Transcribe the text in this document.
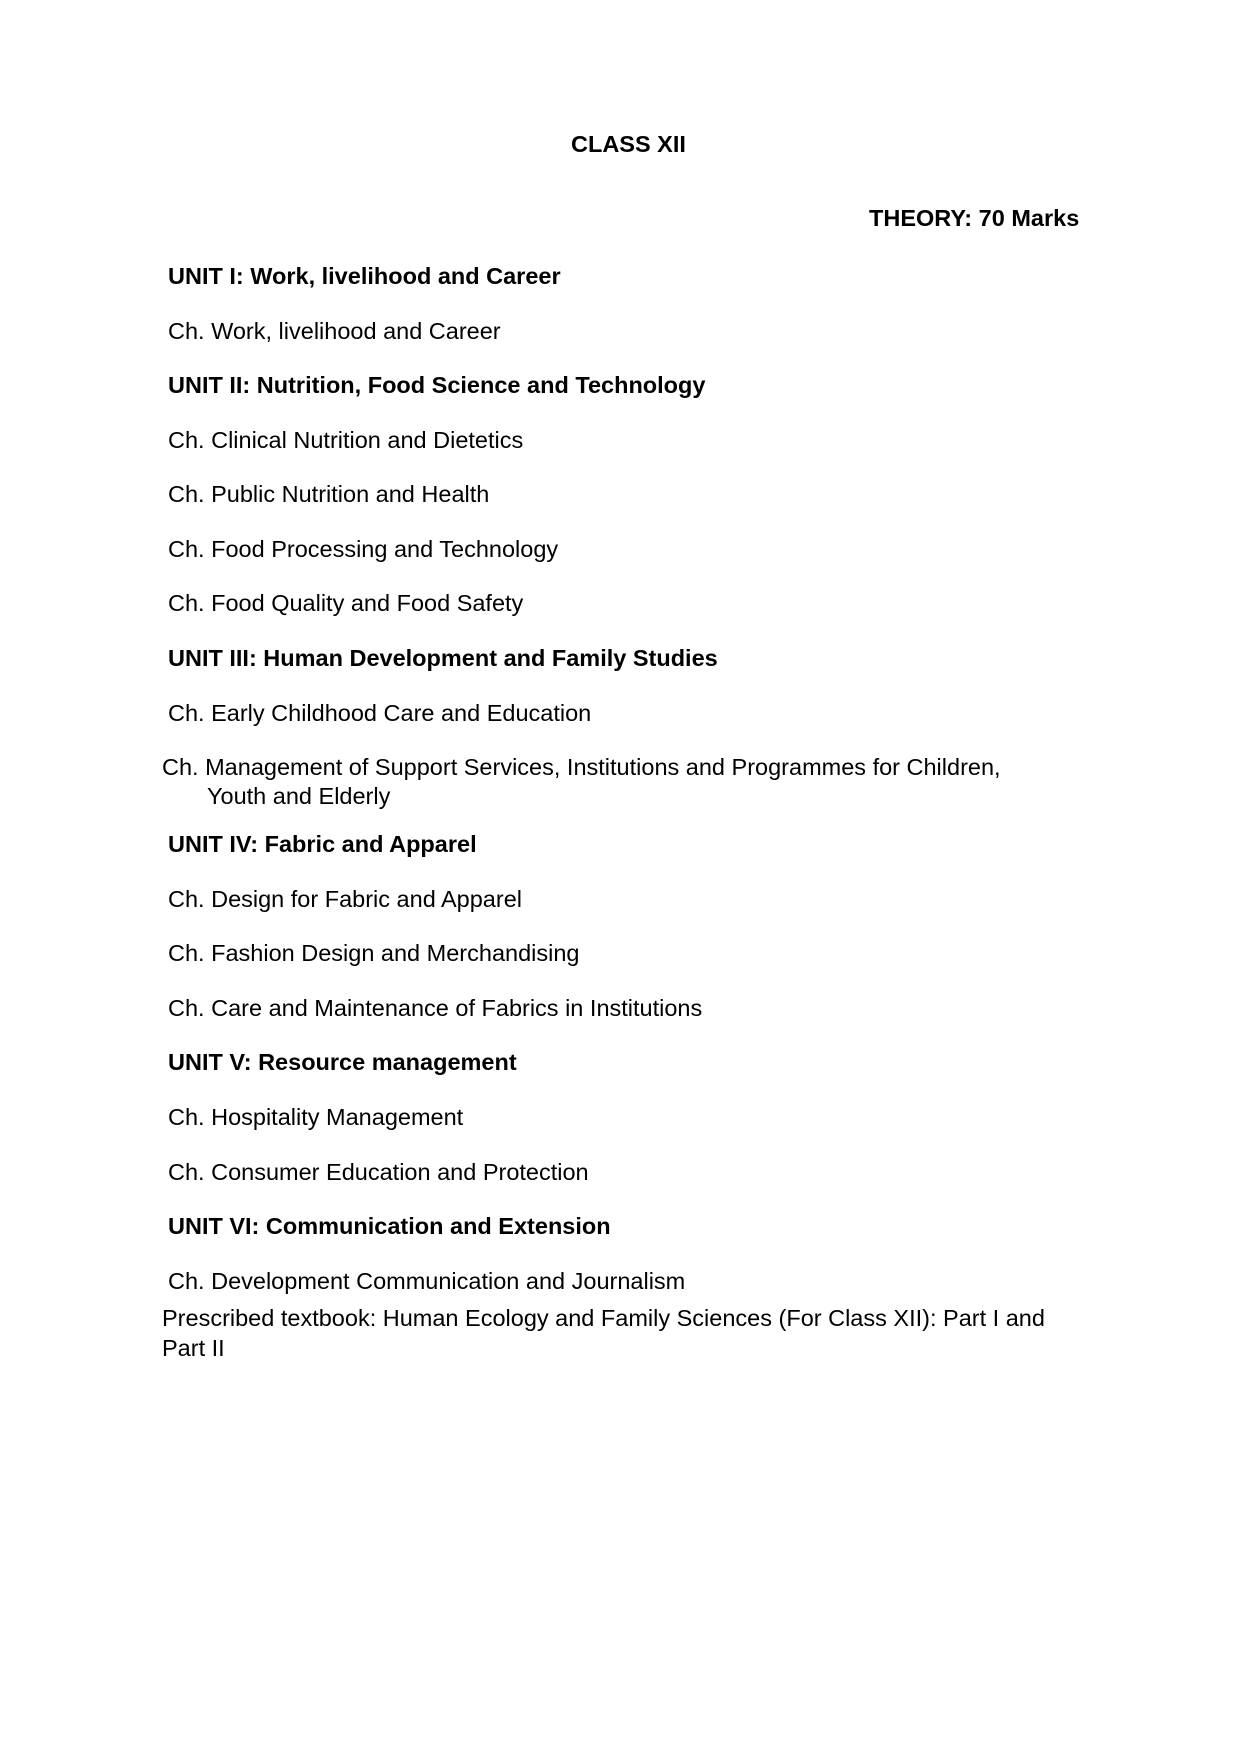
CLASS XII

THEORY: 70 Marks

UNIT I: Work, livelihood and Career

Ch. Work, livelihood and Career

UNIT II: Nutrition, Food Science and Technology

Ch. Clinical Nutrition and Dietetics

Ch. Public Nutrition and Health

Ch. Food Processing and Technology

Ch. Food Quality and Food Safety

UNIT III: Human Development and Family Studies

Ch. Early Childhood Care and Education

Ch. Management of Support Services, Institutions and Programmes for Children,

Youth and Elderly

UNIT IV: Fabric and Apparel

Ch. Design for Fabric and Apparel

Ch. Fashion Design and Merchandising

Ch. Care and Maintenance of Fabrics in Institutions

UNIT V: Resource management

Ch. Hospitality Management

Ch. Consumer Education and Protection

UNIT VI: Communication and Extension

Ch. Development Communication and Journalism

Prescribed textbook: Human Ecology and Family Sciences (For Class XII): Part I and

Part II
